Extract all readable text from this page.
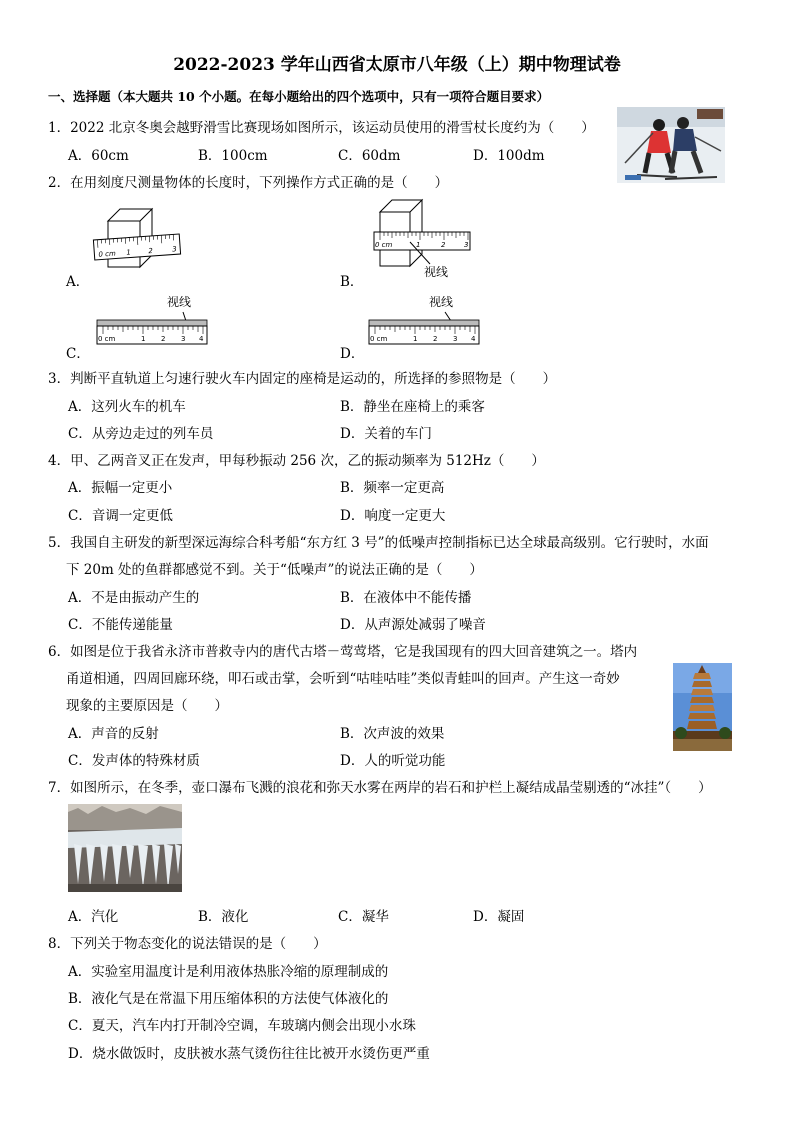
2022-2023 学年山西省太原市八年级（上）期中物理试卷
一、选择题（本大题共 10 个小题。在每小题给出的四个选项中，只有一项符合题目要求）
1．2022 北京冬奥会越野滑雪比赛现场如图所示，该运动员使用的滑雪杖长度约为（　　）
A．60cm	B．100cm	C．60dm	D．100dm
2．在用刻度尺测量物体的长度时，下列操作方式正确的是（　　）
A．	B．
C．	D．
0 cm 1 2	3
0 cm	1	2	3
视线
视线
0 cm	1 2 3 4
视线
0 cm	1 2 3 4
3．判断平直轨道上匀速行驶火车内固定的座椅是运动的，所选择的参照物是（　　）
A．这列火车的机车	B．静坐在座椅上的乘客
C．从旁边走过的列车员	D．关着的车门
4．甲、乙两音叉正在发声，甲每秒振动 256 次，乙的振动频率为 512Hz（　　）
A．振幅一定更小	B．频率一定更高
C．音调一定更低	D．响度一定更大
5．我国自主研发的新型深远海综合科考船“东方红 3 号”的低噪声控制指标已达全球最高级别。它行驶时，水面
下 20m 处的鱼群都感觉不到。关于“低噪声”的说法正确的是（　　）
A．不是由振动产生的	B．在液体中不能传播
C．不能传递能量	D．从声源处减弱了噪音
6．如图是位于我省永济市普救寺内的唐代古塔－莺莺塔，它是我国现有的四大回音建筑之一。塔内
甬道相通，四周回廊环绕，叩石或击掌，会听到“咕哇咕哇”类似青蛙叫的回声。产生这一奇妙
现象的主要原因是（　　）
A．声音的反射	B．次声波的效果
C．发声体的特殊材质	D．人的听觉功能
7．如图所示，在冬季，壶口瀑布飞溅的浪花和弥天水雾在两岸的岩石和护栏上凝结成晶莹剔透的“冰挂”（　　）
A．汽化	B．液化	C．凝华	D．凝固
8．下列关于物态变化的说法错误的是（　　）
A．实验室用温度计是利用液体热胀冷缩的原理制成的
B．液化气是在常温下用压缩体积的方法使气体液化的
C．夏天，汽车内打开制冷空调，车玻璃内侧会出现小水珠
D．烧水做饭时，皮肤被水蒸气烫伤往往比被开水烫伤更严重
